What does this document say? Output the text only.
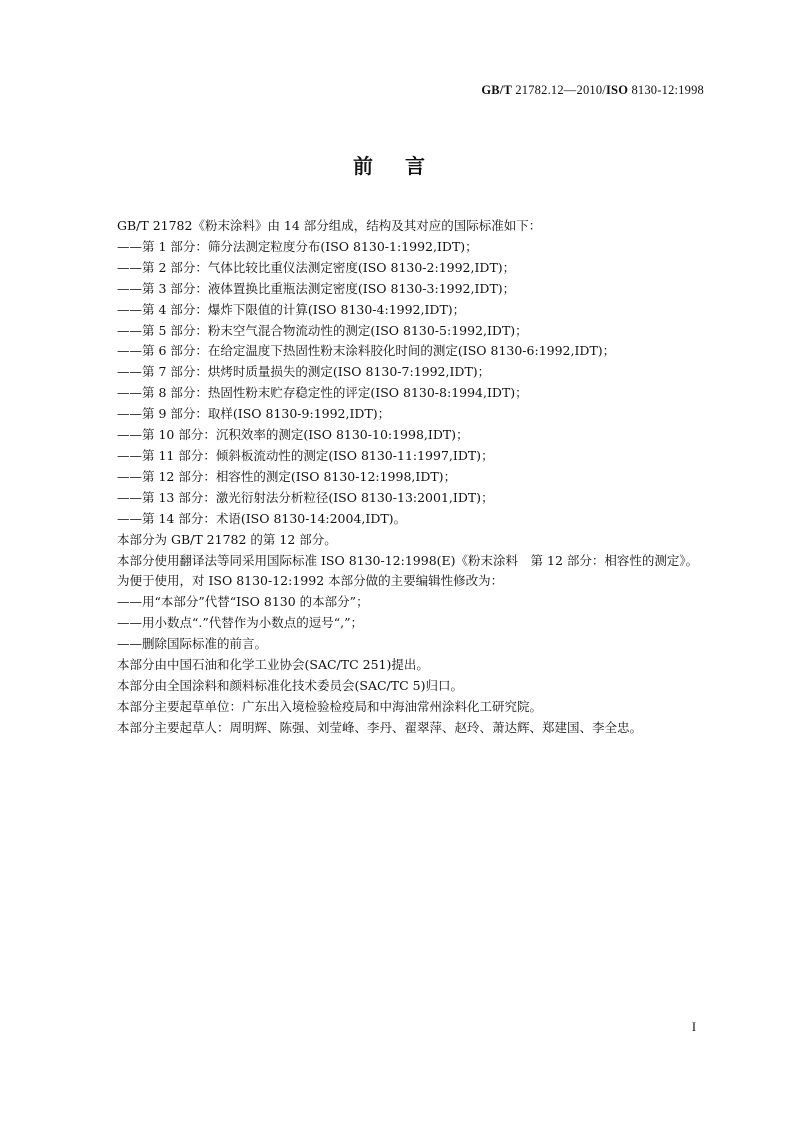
GB/T 21782.12—2010/ISO 8130-12:1998
前言

GB/T 21782《粉末涂料》由 14 部分组成，结构及其对应的国际标准如下：

——第 1 部分：筛分法测定粒度分布(ISO 8130-1:1992,IDT)；

——第 2 部分：气体比较比重仪法测定密度(ISO 8130-2:1992,IDT)；

——第 3 部分：液体置换比重瓶法测定密度(ISO 8130-3:1992,IDT)；

——第 4 部分：爆炸下限值的计算(ISO 8130-4:1992,IDT)；

——第 5 部分：粉末空气混合物流动性的测定(ISO 8130-5:1992,IDT)；

——第 6 部分：在给定温度下热固性粉末涂料胶化时间的测定(ISO 8130-6:1992,IDT)；

——第 7 部分：烘烤时质量损失的测定(ISO 8130-7:1992,IDT)；

——第 8 部分：热固性粉末贮存稳定性的评定(ISO 8130-8:1994,IDT)；

——第 9 部分：取样(ISO 8130-9:1992,IDT)；

——第 10 部分：沉积效率的测定(ISO 8130-10:1998,IDT)；

——第 11 部分：倾斜板流动性的测定(ISO 8130-11:1997,IDT)；

——第 12 部分：相容性的测定(ISO 8130-12:1998,IDT)；

——第 13 部分：激光衍射法分析粒径(ISO 8130-13:2001,IDT)；

——第 14 部分：术语(ISO 8130-14:2004,IDT)。

本部分为 GB/T 21782 的第 12 部分。

本部分使用翻译法等同采用国际标准 ISO 8130-12:1998(E)《粉末涂料　第 12 部分：相容性的测定》。

为便于使用，对 ISO 8130-12:1992 本部分做的主要编辑性修改为：

——用“本部分”代替“ISO 8130 的本部分”；

——用小数点“.”代替作为小数点的逗号“,”；

——删除国际标准的前言。

本部分由中国石油和化学工业协会(SAC/TC 251)提出。

本部分由全国涂料和颜料标准化技术委员会(SAC/TC 5)归口。

本部分主要起草单位：广东出入境检验检疫局和中海油常州涂料化工研究院。

本部分主要起草人：周明辉、陈强、刘莹峰、李丹、翟翠萍、赵玲、萧达辉、郑建国、李全忠。

I
